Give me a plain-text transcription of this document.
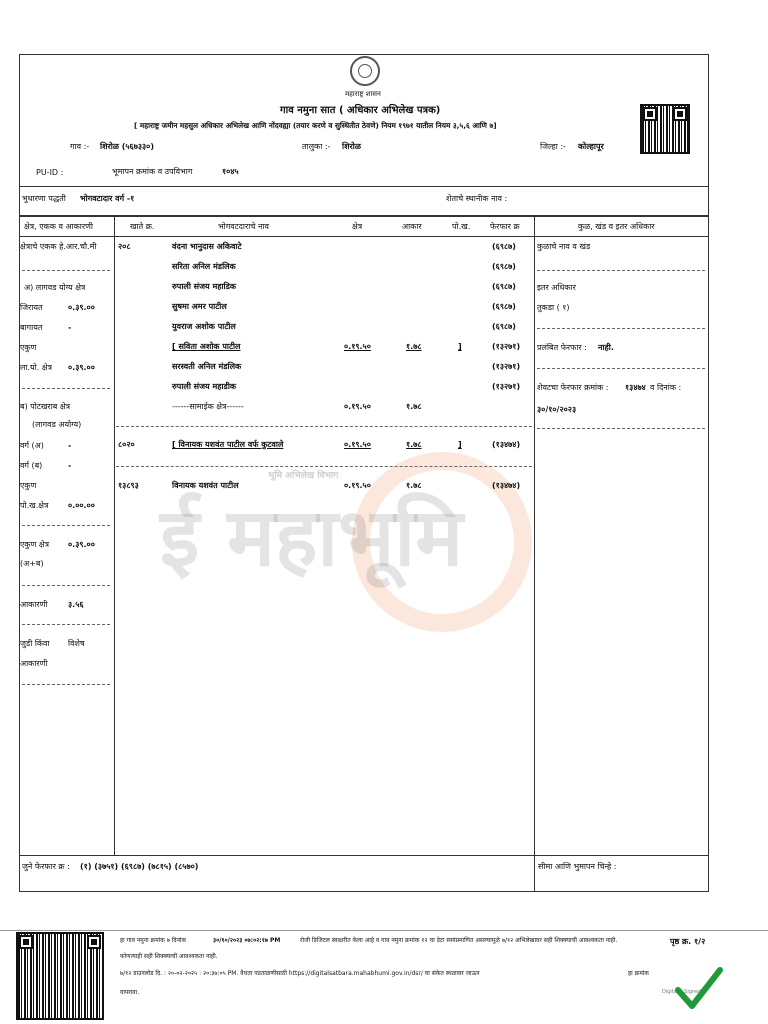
ई महाभूमि
भूमि अभिलेख विभाग
महाराष्ट्र शासन
गाव नमुना सात ( अधिकार अभिलेख पत्रक)
[ महाराष्ट्र जमीन महसुल अधिकार अभिलेख आणि नोंदवह्या (तयार करणे व सुस्थितीत ठेवणे) नियम १९७१ यातील नियम ३,५,६ आणि ७]
गाव :- शिरोळ (५६७३३०)	तालुका :- शिरोळ	जिल्हा :- कोल्हापूर
PU-ID :	भूमापन क्रमांक व उपविभाग	१०४५
भुधारणा पद्धती भोगवटादार वर्ग -१	शेताचे स्थानीक नाव :
क्षेत्र, एकक व आकारणी	खाते क्र.	भोगवटदाराचे नाव	क्षेत्र	आकार	पो.ख. फेरफार क्र	कुळ, खंड व इतर अधिकार
क्षेत्राचे एकक हे.आर.चौ.मी
अ) लागवड योग्य क्षेत्र
जिरायत	०.३९.००
बागायत	-
एकुण
ला.यो. क्षेत्र ०.३९.००
ब) पोटखराब क्षेत्र
(लागवड अयोग्य)
वर्ग (अ)	-
वर्ग (ब)	-
एकुण
पो.ख.क्षेत्र ०.००.००
एकुण क्षेत्र ०.३९.००
(अ+ब)
आकारणी	३.५६
जुडी किंवा विशेष
आकारणी
२०८	वंदना भानुदास अकिवाटे	(६९८७)
सरिता अनिल मंडलिक	(६९८७)
रुपाली संजय महाडिक	(६९८७)
सुषमा अमर पाटील	(६९८७)
युवराज अशोक पाटील	(६९८७)
[ सविता अशोक पाटील	०.१९.५०	१.७८	]	(१३२७१)
सरस्वती अनिल मंडलिक	(१३२७१)
रुपाली संजय महाडीक	(१३२७१)
------सामाईक क्षेत्र------	०.१९.५०	१.७८
८०२०	[ विनायक यशवंत पाटील वर्फ कुटवाले	०.१९.५०	१.७८	]	(१३४७४)
१३८९३	विनायक यशवंत पाटील	०.१९.५०	१.७८	(१३४७४)
कुळाचे नाव व खंड
इतर अधिकार
तुकडा ( १)
प्रलंबित फेरफार : नाही.
शेवटचा फेरफार क्रमांक : १३४७४ व दिनांक :
३०/१०/२०२३
जुने फेरफार क्र : (१) (३७५१) (६९८७) (७८१५) (८५७०)	सीमा आणि भुमापन चिन्हे :
हा गाव नमुना क्रमांक ७ दिनांक	३०/१०/२०२३ ०७:०२:१७ PM	रोजी डिजिटल स्वाक्षरीत केला आहे व गाव नमुना क्रमांक १२ चा डेटा स्वयंप्रमाणित असल्यामुळे ७/१२ अभिलेखावर सही शिक्क्याची आवश्यकता नाही.
कोणत्याही सही शिक्क्याची आवश्यकता नाही.
७/१२ डाउनलोड दि. : २०-०२-२०२५ : २०:३७:०५ PM. वैधता पडताळणीसाठी https://digitalsatbara.mahabhumi.gov.in/dsr/ या संकेत स्थळावर जाऊन	हा क्रमांक
वापरावा.
पृष्ठ क्र. १/२
Digitally Signed
